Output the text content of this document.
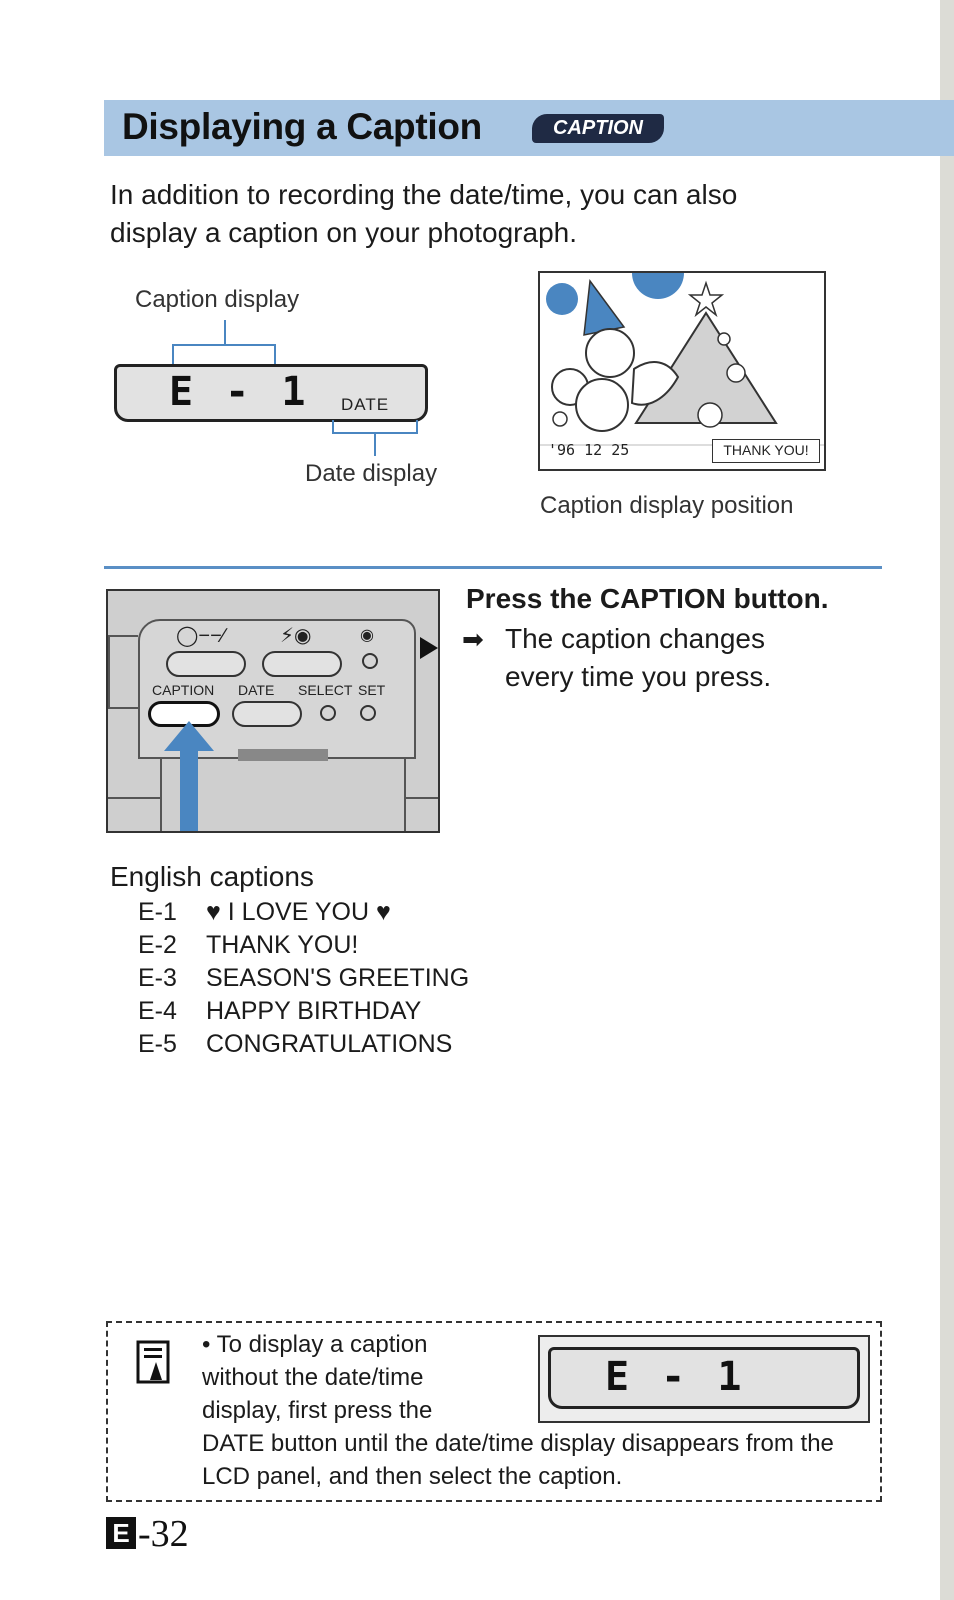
Displaying a Caption	CAPTION
In addition to recording the date/time, you can also display a caption on your photograph.
Caption display
E - 1 DATE
Date display
'96 12 25	THANK YOU!
Caption display position
◯−−∕	⚡◉	◉
CAPTION DATE SELECT SET
Press the CAPTION button.
➡ The caption changes every time you press.
English captions
E-1 ♥ I LOVE YOU ♥
E-2 THANK YOU!
E-3 SEASON'S GREETING
E-4 HAPPY BIRTHDAY
E-5 CONGRATULATIONS
E - 1
• To display a caption without the date/time display, first press the DATE button until the date/time display disappears from the LCD panel, and then select the caption.
E -32
